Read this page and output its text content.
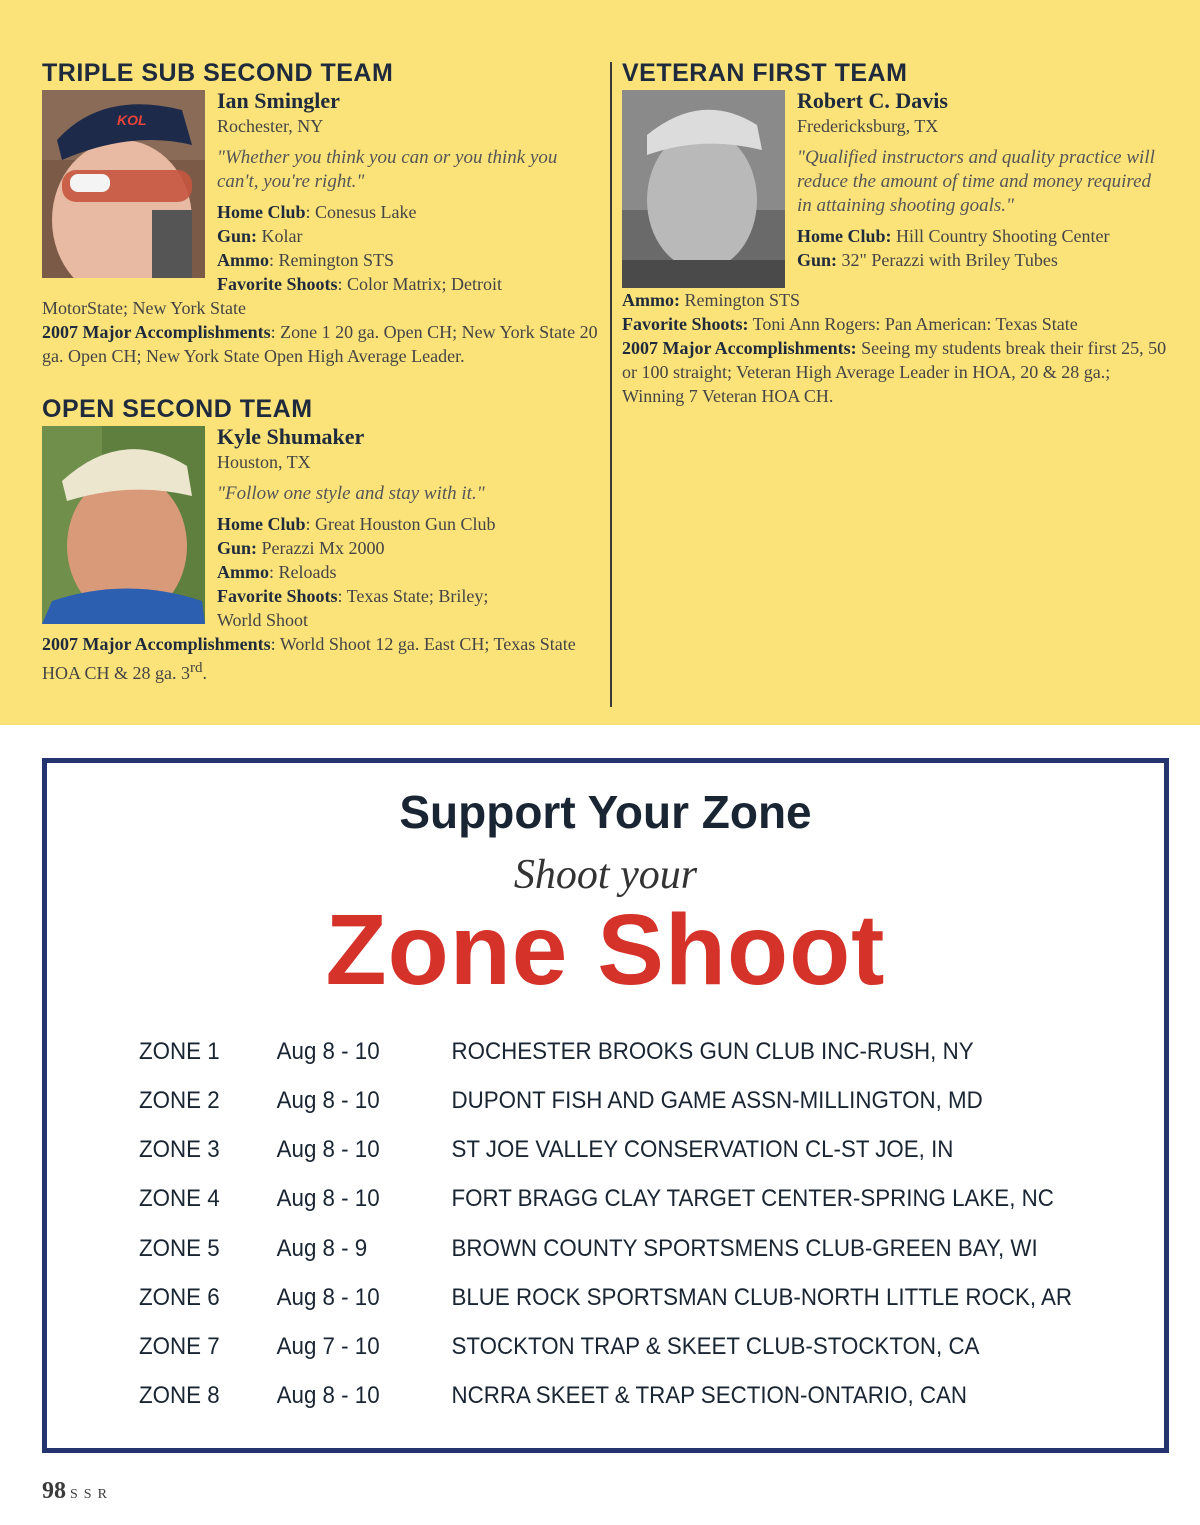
TRIPLE SUB SECOND TEAM
KOL
Ian Smingler
Rochester, NY
"Whether you think you can or you think you can't, you're right."
Home Club: Conesus Lake
Gun: Kolar
Ammo: Remington STS
Favorite Shoots: Color Matrix; Detroit
MotorState; New York State
2007 Major Accomplishments: Zone 1 20 ga. Open CH; New York State 20 ga. Open CH; New York State Open High Average Leader.
OPEN SECOND TEAM
Kyle Shumaker
Houston, TX
"Follow one style and stay with it."
Home Club: Great Houston Gun Club
Gun: Perazzi Mx 2000
Ammo: Reloads
Favorite Shoots: Texas State; Briley;
World Shoot
2007 Major Accomplishments: World Shoot 12 ga. East CH; Texas State HOA CH & 28 ga. 3rd.
VETERAN FIRST TEAM
Robert C. Davis
Fredericksburg, TX
"Qualified instructors and quality practice will reduce the amount of time and money required in attaining shooting goals."
Home Club: Hill Country Shooting Center
Gun: 32" Perazzi with Briley Tubes
Ammo: Remington STS
Favorite Shoots: Toni Ann Rogers: Pan American: Texas State
2007 Major Accomplishments: Seeing my students break their first 25, 50 or 100 straight; Veteran High Average Leader in HOA, 20 & 28 ga.; Winning 7 Veteran HOA CH.
Support Your Zone
Shoot your
Zone Shoot
ZONE 1 Aug 8 - 10	ROCHESTER BROOKS GUN CLUB INC-RUSH, NY
ZONE 2 Aug 8 - 10	DUPONT FISH AND GAME ASSN-MILLINGTON, MD
ZONE 3 Aug 8 - 10	ST JOE VALLEY CONSERVATION CL-ST JOE, IN
ZONE 4 Aug 8 - 10	FORT BRAGG CLAY TARGET CENTER-SPRING LAKE, NC
ZONE 5 Aug 8 - 9	BROWN COUNTY SPORTSMENS CLUB-GREEN BAY, WI
ZONE 6 Aug 8 - 10	BLUE ROCK SPORTSMAN CLUB-NORTH LITTLE ROCK, AR
ZONE 7 Aug 7 - 10	STOCKTON TRAP & SKEET CLUB-STOCKTON, CA
ZONE 8 Aug 8 - 10	NCRRA SKEET & TRAP SECTION-ONTARIO, CAN
98 SSR
